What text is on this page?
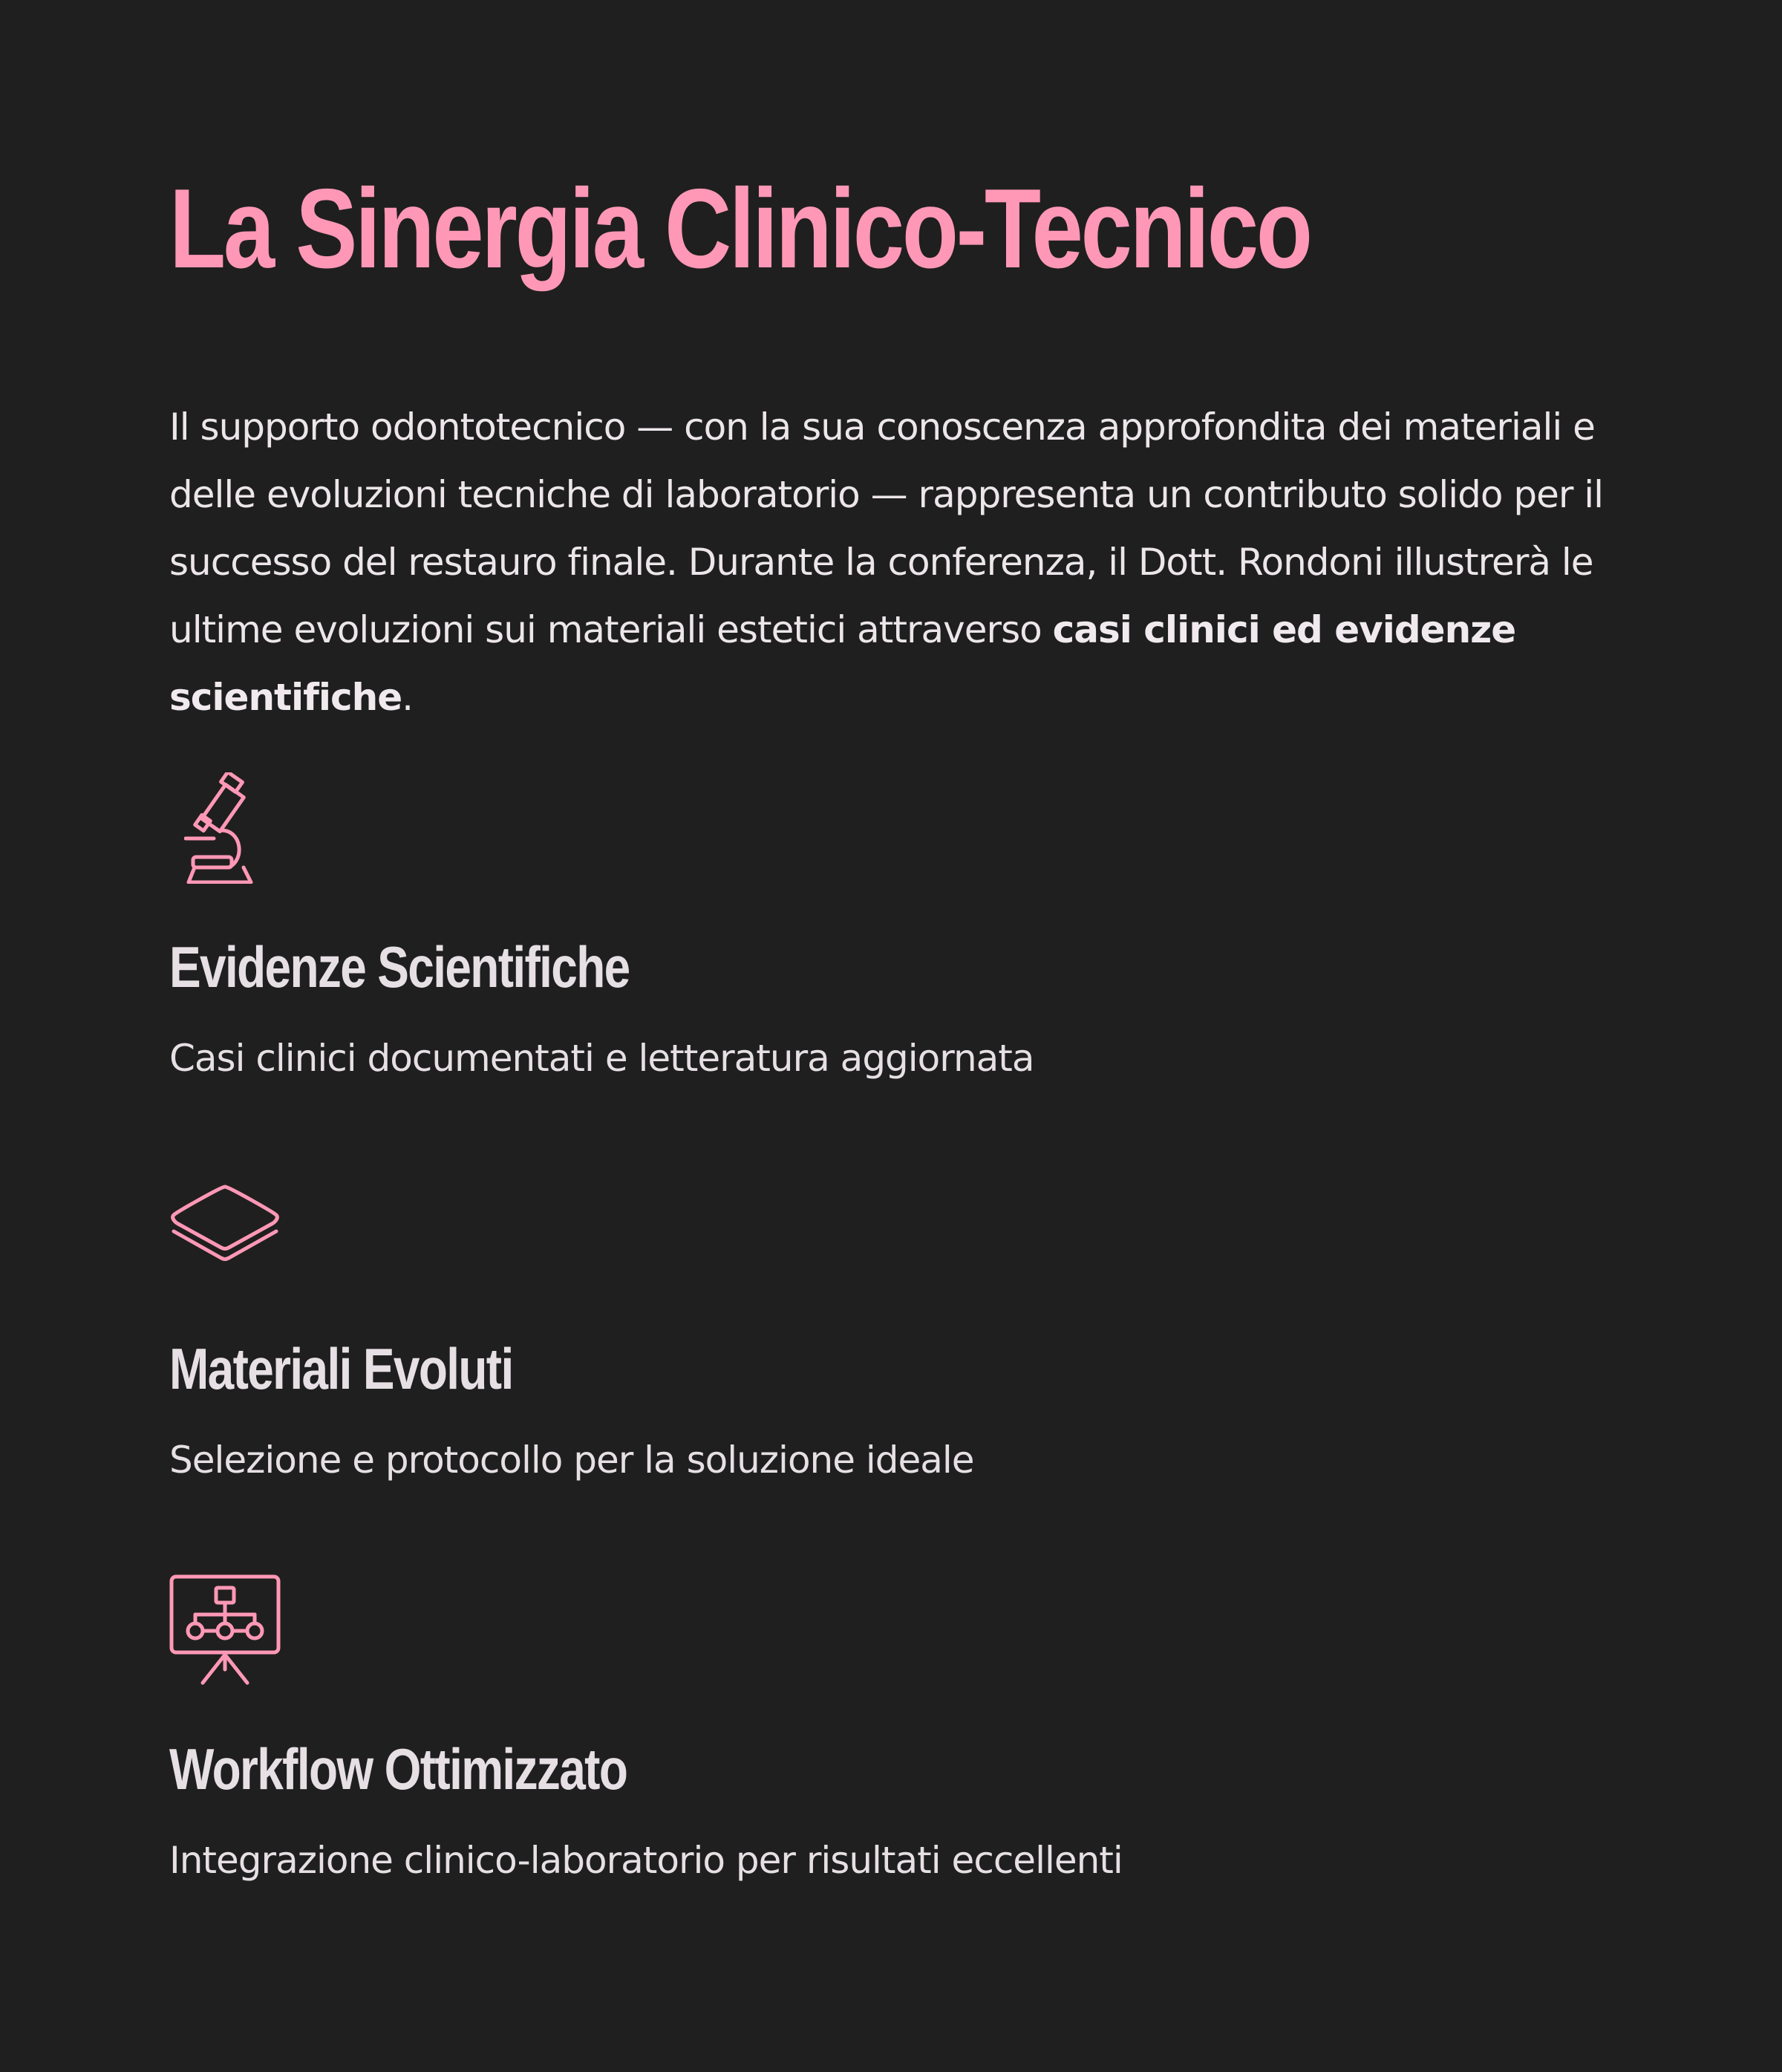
La Sinergia Clinico-Tecnico

Il supporto odontotecnico — con la sua conoscenza approfondita dei materiali e delle evoluzioni tecniche di laboratorio — rappresenta un contributo solido per il successo del restauro finale. Durante la conferenza, il Dott. Rondoni illustrerà le ultime evoluzioni sui materiali estetici attraverso casi clinici ed evidenze scientifiche.

Evidenze Scientifiche

Casi clinici documentati e letteratura aggiornata

Materiali Evoluti

Selezione e protocollo per la soluzione ideale

Workflow Ottimizzato

Integrazione clinico-laboratorio per risultati eccellenti
